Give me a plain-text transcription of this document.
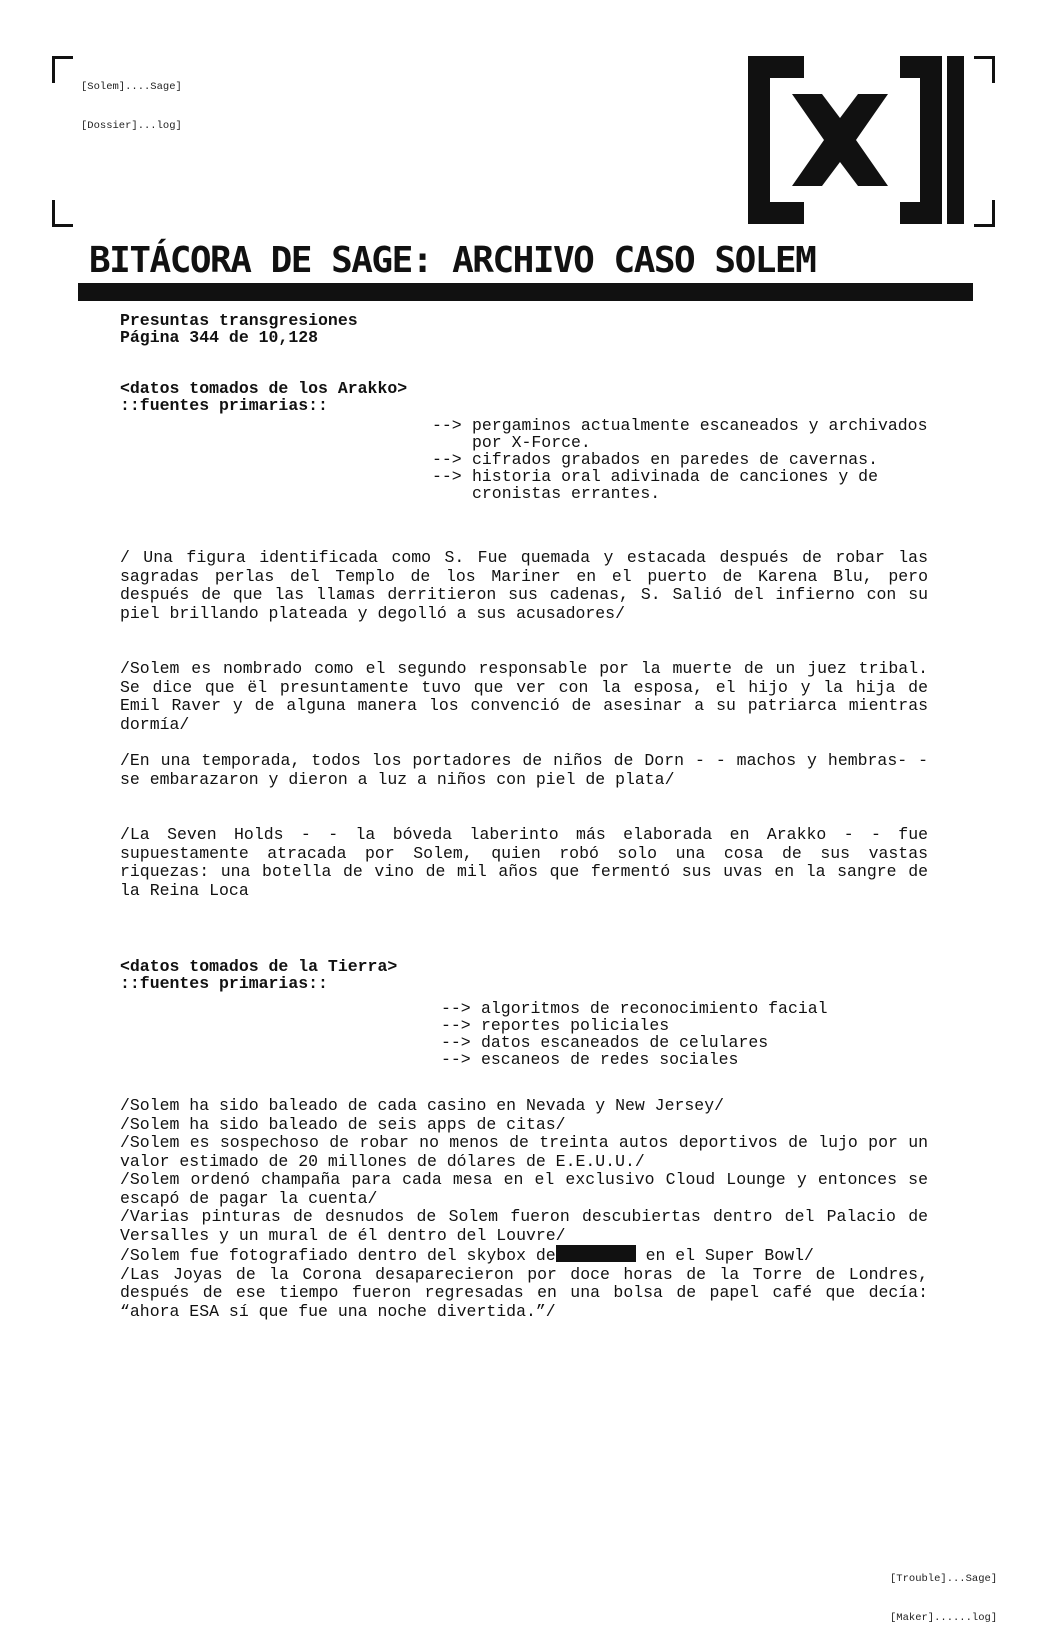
[Solem]....Sage]

[Dossier]...log]

BITÁCORA DE SAGE: ARCHIVO CASO SOLEM
Presuntas transgresiones
Página 344 de 10,128
<datos tomados de los Arakko>
::fuentes primarias::
--> pergaminos actualmente escaneados y archivados por X-Force.
--> cifrados grabados en paredes de cavernas.
--> historia oral adivinada de canciones y de cronistas errantes.
/ Una figura identificada como S. Fue quemada y estacada después de robar las sagradas perlas del Templo de los Mariner en el puerto de Karena Blu, pero después de que las llamas derritieron sus cadenas, S. Salió del infierno con su piel brillando plateada y degolló a sus acusadores/
/Solem es nombrado como el segundo responsable por la muerte de un juez tribal. Se dice que ël presuntamente tuvo que ver con la esposa, el hijo y la hija de Emil Raver y de alguna manera los convenció de asesinar a su patriarca mientras dormía/
/En una temporada, todos los portadores de niños de Dorn - - machos y hembras- - se embarazaron y dieron a luz a niños con piel de plata/
/La Seven Holds - - la bóveda laberinto más elaborada en Arakko - - fue supuestamente atracada por Solem, quien robó solo una cosa de sus vastas riquezas: una botella de vino de mil años que fermentó sus uvas en la sangre de la Reina Loca
<datos tomados de la Tierra>
::fuentes primarias::
--> algoritmos de reconocimiento facial
--> reportes policiales
--> datos escaneados de celulares
--> escaneos de redes sociales
/Solem ha sido baleado de cada casino en Nevada y New Jersey/
/Solem ha sido baleado de seis apps de citas/
/Solem es sospechoso de robar no menos de treinta autos deportivos de lujo por un valor estimado de 20 millones de dólares de E.E.U.U./
/Solem ordenó champaña para cada mesa en el exclusivo Cloud Lounge y entonces se escapó de pagar la cuenta/
/Varias pinturas de desnudos de Solem fueron descubiertas dentro del Palacio de Versalles y un mural de él dentro del Louvre/
/Solem fue fotografiado dentro del skybox de	en el Super Bowl/
/Las Joyas de la Corona desaparecieron por doce horas de la Torre de Londres, después de ese tiempo fueron regresadas en una bolsa de papel café que decía: “ahora ESA sí que fue una noche divertida.”/

[Trouble]...Sage]

[Maker]......log]
